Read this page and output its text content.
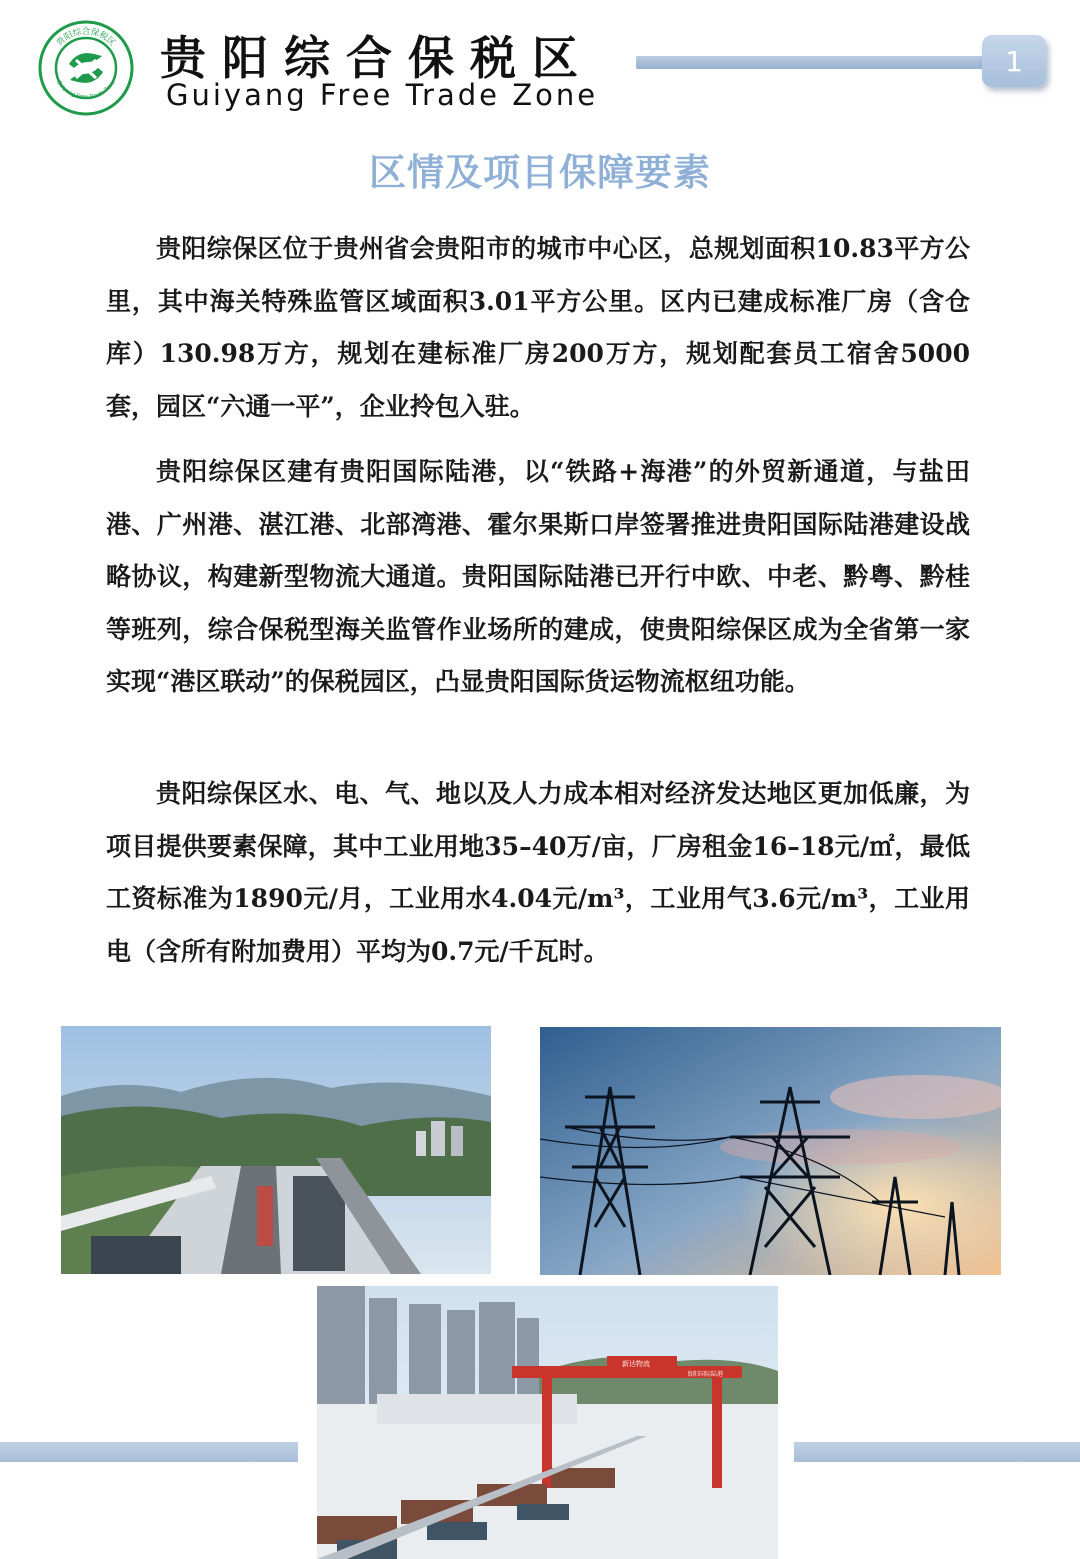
贵阳综合保税区
Guiyang Free Trade Zone 贵阳综合保税区
Guiyang Free Trade Zone
1
区情及项目保障要素

贵阳综保区位于贵州省会贵阳市的城市中心区，总规划面积10.83平方公里，其中海关特殊监管区域面积3.01平方公里。区内已建成标准厂房（含仓库）130.98万方，规划在建标准厂房200万方，规划配套员工宿舍5000套，园区“六通一平”，企业拎包入驻。

贵阳综保区建有贵阳国际陆港，以“铁路+海港”的外贸新通道，与盐田港、广州港、湛江港、北部湾港、霍尔果斯口岸签署推进贵阳国际陆港建设战略协议，构建新型物流大通道。贵阳国际陆港已开行中欧、中老、黔粤、黔桂等班列，综合保税型海关监管作业场所的建成，使贵阳综保区成为全省第一家实现“港区联动”的保税园区，凸显贵阳国际货运物流枢纽功能。

贵阳综保区水、电、气、地以及人力成本相对经济发达地区更加低廉，为项目提供要素保障，其中工业用地35–40万/亩，厂房租金16–18元/㎡，最低工资标准为1890元/月，工业用水4.04元/m³，工业用气3.6元/m³，工业用电（含所有附加费用）平均为0.7元/千瓦时。

新达物流
贵阳国际陆港
